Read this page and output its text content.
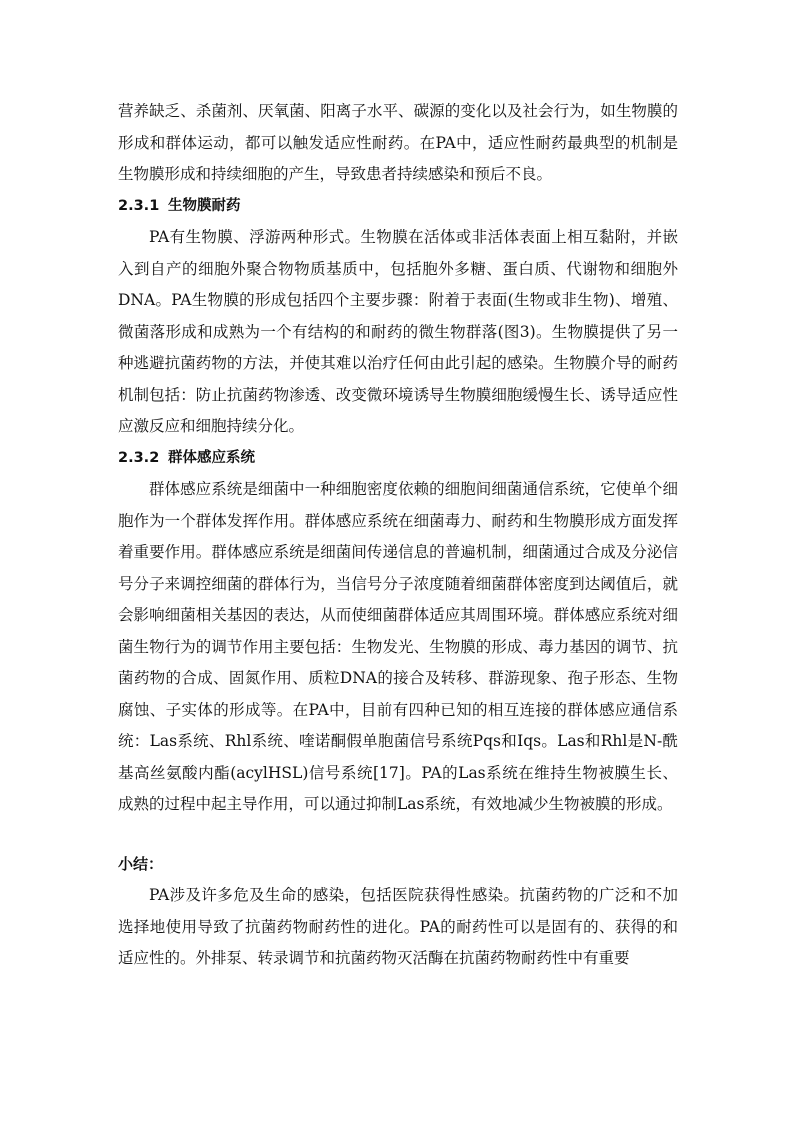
营养缺乏、杀菌剂、厌氧菌、阳离子水平、碳源的变化以及社会行为，如生物膜的形成和群体运动，都可以触发适应性耐药。在PA中，适应性耐药最典型的机制是生物膜形成和持续细胞的产生，导致患者持续感染和预后不良。

2.3.1 生物膜耐药

PA有生物膜、浮游两种形式。生物膜在活体或非活体表面上相互黏附，并嵌入到自产的细胞外聚合物物质基质中，包括胞外多糖、蛋白质、代谢物和细胞外DNA。PA生物膜的形成包括四个主要步骤：附着于表面(生物或非生物)、增殖、微菌落形成和成熟为一个有结构的和耐药的微生物群落(图3)。生物膜提供了另一种逃避抗菌药物的方法，并使其难以治疗任何由此引起的感染。生物膜介导的耐药机制包括：防止抗菌药物渗透、改变微环境诱导生物膜细胞缓慢生长、诱导适应性应激反应和细胞持续分化。

2.3.2 群体感应系统

群体感应系统是细菌中一种细胞密度依赖的细胞间细菌通信系统，它使单个细胞作为一个群体发挥作用。群体感应系统在细菌毒力、耐药和生物膜形成方面发挥着重要作用。群体感应系统是细菌间传递信息的普遍机制，细菌通过合成及分泌信号分子来调控细菌的群体行为，当信号分子浓度随着细菌群体密度到达阈值后，就会影响细菌相关基因的表达，从而使细菌群体适应其周围环境。群体感应系统对细菌生物行为的调节作用主要包括：生物发光、生物膜的形成、毒力基因的调节、抗菌药物的合成、固氮作用、质粒DNA的接合及转移、群游现象、孢子形态、生物腐蚀、子实体的形成等。在PA中，目前有四种已知的相互连接的群体感应通信系统：Las系统、Rhl系统、喹诺酮假单胞菌信号系统Pqs和Iqs。Las和Rhl是N-酰基高丝氨酸内酯(acylHSL)信号系统[17]。PA的Las系统在维持生物被膜生长、成熟的过程中起主导作用，可以通过抑制Las系统，有效地减少生物被膜的形成。

小结：

PA涉及许多危及生命的感染，包括医院获得性感染。抗菌药物的广泛和不加选择地使用导致了抗菌药物耐药性的进化。PA的耐药性可以是固有的、获得的和适应性的。外排泵、转录调节和抗菌药物灭活酶在抗菌药物耐药性中有重要
